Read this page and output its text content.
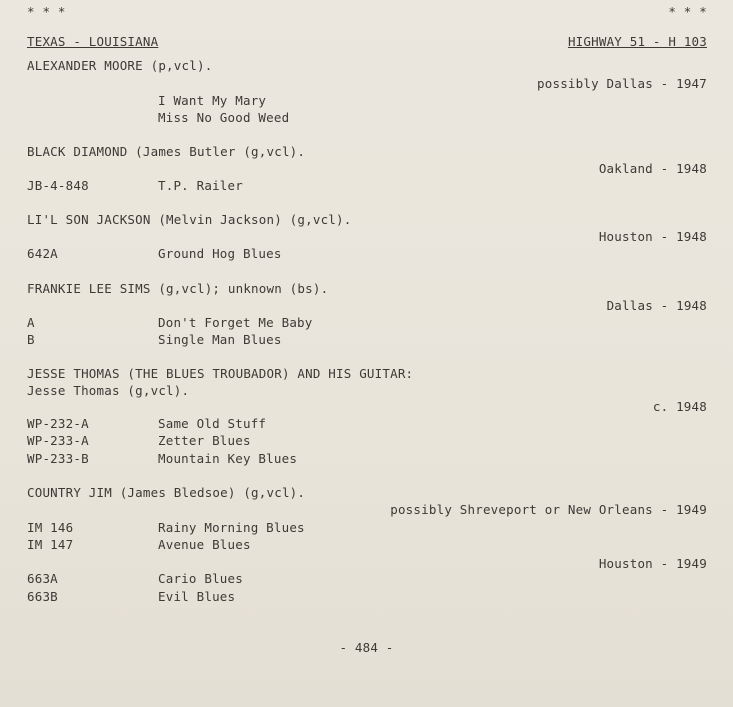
* * *	* * *
TEXAS - LOUISIANA	HIGHWAY 51 - H 103
ALEXANDER MOORE (p,vcl).
possibly Dallas - 1947
I Want My Mary
Miss No Good Weed
BLACK DIAMOND (James Butler (g,vcl).
Oakland - 1948
JB-4-848	T.P. Railer
LI'L SON JACKSON (Melvin Jackson) (g,vcl).
Houston - 1948
642A	Ground Hog Blues
FRANKIE LEE SIMS (g,vcl); unknown (bs).
Dallas - 1948
A	Don't Forget Me Baby
B	Single Man Blues
JESSE THOMAS (THE BLUES TROUBADOR) AND HIS GUITAR:
Jesse Thomas (g,vcl).
c. 1948
WP-232-A	Same Old Stuff
WP-233-A	Zetter Blues
WP-233-B	Mountain Key Blues
COUNTRY JIM (James Bledsoe) (g,vcl).
possibly Shreveport or New Orleans - 1949
IM 146	Rainy Morning Blues
IM 147	Avenue Blues
Houston - 1949
663A	Cario Blues
663B	Evil Blues
- 484 -
